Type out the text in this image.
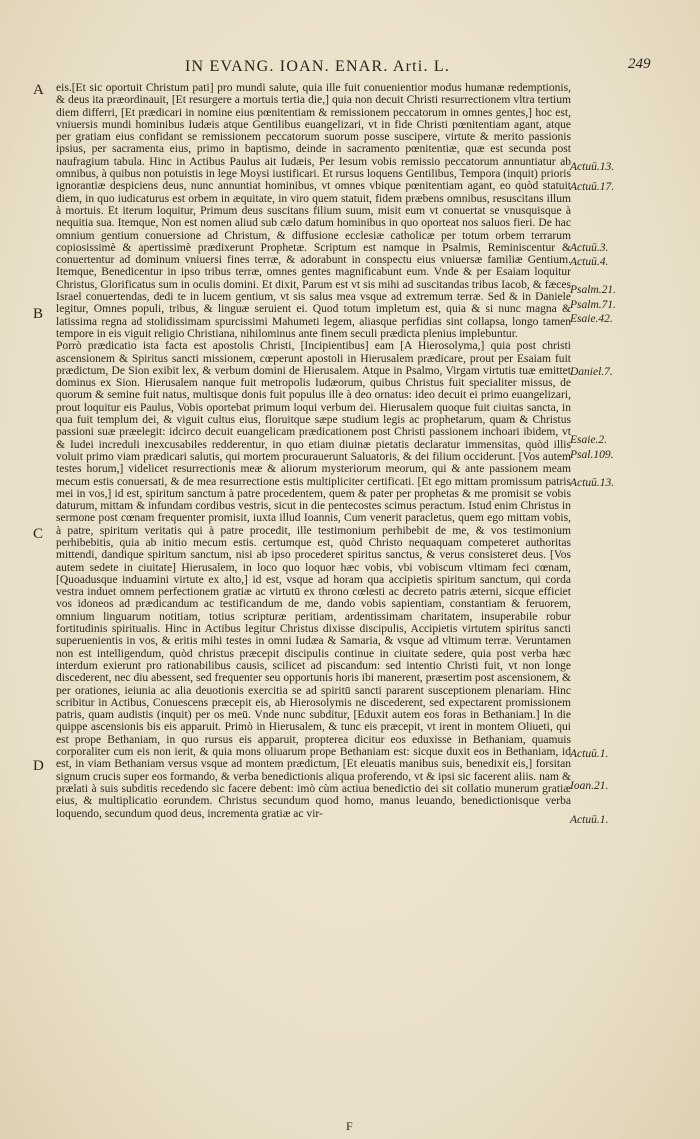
IN EVANG. IOAN. ENAR. Arti. L.	249
A
B
C
D
Actuū.13.
Actuū.17.
Actuū.3.
Actuū.4.
Psalm.21.
Psalm.71.
Esaie.42.
Daniel.7.
Esaie.2.
Psal.109.
Actuū.13.
Actuū.1.
Ioan.21.
Actuū.1.

eis.[Et sic oportuit Christum pati] pro mundi salute, quia ille fuit conuenientior modus humanæ redemptionis, & deus ita præordinauit, [Et resurgere a mortuis tertia die,] quia non decuit Christi resurrectionem vltra tertium diem differri, [Et prædicari in nomine eius pœnitentiam & remissionem peccatorum in omnes gentes,] hoc est, vniuersis mundi hominibus Iudæis atque Gentilibus euangelizari, vt in fide Christi pœnitentiam agant, atque per gratiam eius confidant se remissionem peccatorum suorum posse suscipere, virtute & merito passionis ipsius, per sacramenta eius, primo in baptismo, deinde in sacramento pœnitentiæ, quæ est secunda post naufragium tabula. Hinc in Actibus Paulus ait Iudæis, Per Iesum vobis remissio peccatorum annuntiatur ab omnibus, à quibus non potuistis in lege Moysi iustificari. Et rursus loquens Gentilibus, Tempora (inquit) prioris ignorantiæ despiciens deus, nunc annuntiat hominibus, vt omnes vbique pœnitentiam agant, eo quòd statuit diem, in quo iudicaturus est orbem in æquitate, in viro quem statuit, fidem præbens omnibus, resuscitans illum à mortuis. Et iterum loquitur, Primum deus suscitans filium suum, misit eum vt conuertat se vnusquisque à nequitia sua. Itemque, Non est nomen aliud sub cælo datum hominibus in quo oporteat nos saluos fieri. De hac omnium gentium conuersione ad Christum, & diffusione ecclesiæ catholicæ per totum orbem terrarum copiosissimè & apertissimè prædixerunt Prophetæ. Scriptum est namque in Psalmis, Reminiscentur & conuertentur ad dominum vniuersi fines terræ, & adorabunt in conspectu eius vniuersæ familiæ Gentium. Itemque, Benedicentur in ipso tribus terræ, omnes gentes magnificabunt eum. Vnde & per Esaiam loquitur Christus, Glorificatus sum in oculis domini. Et dixit, Parum est vt sis mihi ad suscitandas tribus Iacob, & fæces Israel conuertendas, dedi te in lucem gentium, vt sis salus mea vsque ad extremum terræ. Sed & in Daniele legitur, Omnes populi, tribus, & linguæ seruient ei. Quod totum impletum est, quia & si nunc magna & latissima regna ad stolidissimam spurcissimi Mahumeti legem, aliasque perfidias sint collapsa, longo tamen tempore in eis viguit religio Christiana, nihilominus ante finem seculi prædicta plenius implebuntur.

Porrò prædicatio ista facta est apostolis Christi, [Incipientibus] eam [A Hierosolyma,] quia post christi ascensionem & Spiritus sancti missionem, cœperunt apostoli in Hierusalem prædicare, prout per Esaiam fuit prædictum, De Sion exibit lex, & verbum domini de Hierusalem. Atque in Psalmo, Virgam virtutis tuæ emittet dominus ex Sion. Hierusalem nanque fuit metropolis Iudæorum, quibus Christus fuit specialiter missus, de quorum & semine fuit natus, multisque donis fuit populus ille à deo ornatus: ideo decuit ei primo euangelizari, prout loquitur eis Paulus, Vobis oportebat primum loqui verbum dei. Hierusalem quoque fuit ciuitas sancta, in qua fuit templum dei, & viguit cultus eius, floruitque sæpe studium legis ac prophetarum, quam & Christus passioni suæ præelegit: idcirco decuit euangelicam prædicationem post Christi passionem inchoari ibidem, vt & Iudei increduli inexcusabiles redderentur, in quo etiam diuinæ pietatis declaratur immensitas, quòd illis voluit primo viam prædicari salutis, qui mortem procurauerunt Saluatoris, & dei filium occiderunt. [Vos autem testes horum,] videlicet resurrectionis meæ & aliorum mysteriorum meorum, qui & ante passionem meam mecum estis conuersati, & de mea resurrectione estis multipliciter certificati. [Et ego mittam promissum patris mei in vos,] id est, spiritum sanctum à patre procedentem, quem & pater per prophetas & me promisit se vobis daturum, mittam & infundam cordibus vestris, sicut in die pentecostes scimus peractum. Istud enim Christus in sermone post cœnam frequenter promisit, iuxta illud Ioannis, Cum venerit paracletus, quem ego mittam vobis, à patre, spiritum veritatis qui à patre procedit, ille testimonium perhibebit de me, & vos testimonium perhibebitis, quia ab initio mecum estis. certumque est, quòd Christo nequaquam competeret authoritas mittendi, dandique spiritum sanctum, nisi ab ipso procederet spiritus sanctus, & verus consisteret deus. [Vos autem sedete in ciuitate] Hierusalem, in loco quo loquor hæc vobis, vbi vobiscum vltimam feci cœnam, [Quoadusque induamini virtute ex alto,] id est, vsque ad horam qua accipietis spiritum sanctum, qui corda vestra induet omnem perfectionem gratiæ ac virtutū ex throno cœlesti ac decreto patris æterni, sicque efficiet vos idoneos ad prædicandum ac testificandum de me, dando vobis sapientiam, constantiam & feruorem, omnium linguarum notitiam, totius scripturæ peritiam, ardentissimam charitatem, insuperabile robur fortitudinis spiritualis. Hinc in Actibus legitur Christus dixisse discipulis, Accipietis virtutem spiritus sancti superuenientis in vos, & eritis mihi testes in omni Iudæa & Samaria, & vsque ad vltimum terræ. Veruntamen non est intelligendum, quòd christus præcepit discipulis continue in ciuitate sedere, quia post verba hæc interdum exierunt pro rationabilibus causis, scilicet ad piscandum: sed intentio Christi fuit, vt non longe discederent, nec diu abessent, sed frequenter seu opportunis horis ibi manerent, præsertim post ascensionem, & per orationes, ieiunia ac alia deuotionis exercitia se ad spiritū sancti pararent susceptionem plenariam. Hinc scribitur in Actibus, Conuescens præcepit eis, ab Hierosolymis ne discederent, sed expectarent promissionem patris, quam audistis (inquit) per os meū. Vnde nunc subditur, [Eduxit autem eos foras in Bethaniam.] In die quippe ascensionis bis eis apparuit. Primò in Hierusalem, & tunc eis præcepit, vt irent in montem Oliueti, qui est prope Bethaniam, in quo rursus eis apparuit, propterea dicitur eos eduxisse in Bethaniam, quamuis corporaliter cum eis non ierit, & quia mons oliuarum prope Bethaniam est: sicque duxit eos in Bethaniam, id est, in viam Bethaniam versus vsque ad montem prædictum, [Et eleuatis manibus suis, benedixit eis,] forsitan signum crucis super eos formando, & verba benedictionis aliqua proferendo, vt & ipsi sic facerent aliis. nam & prælati à suis subditis recedendo sic facere debent: imò cùm actiua benedictio dei sit collatio munerum gratiæ eius, & multiplicatio eorundem. Christus secundum quod homo, manus leuando, benedictionisque verba loquendo, secundum quod deus, incrementa gratiæ ac vir-

F
